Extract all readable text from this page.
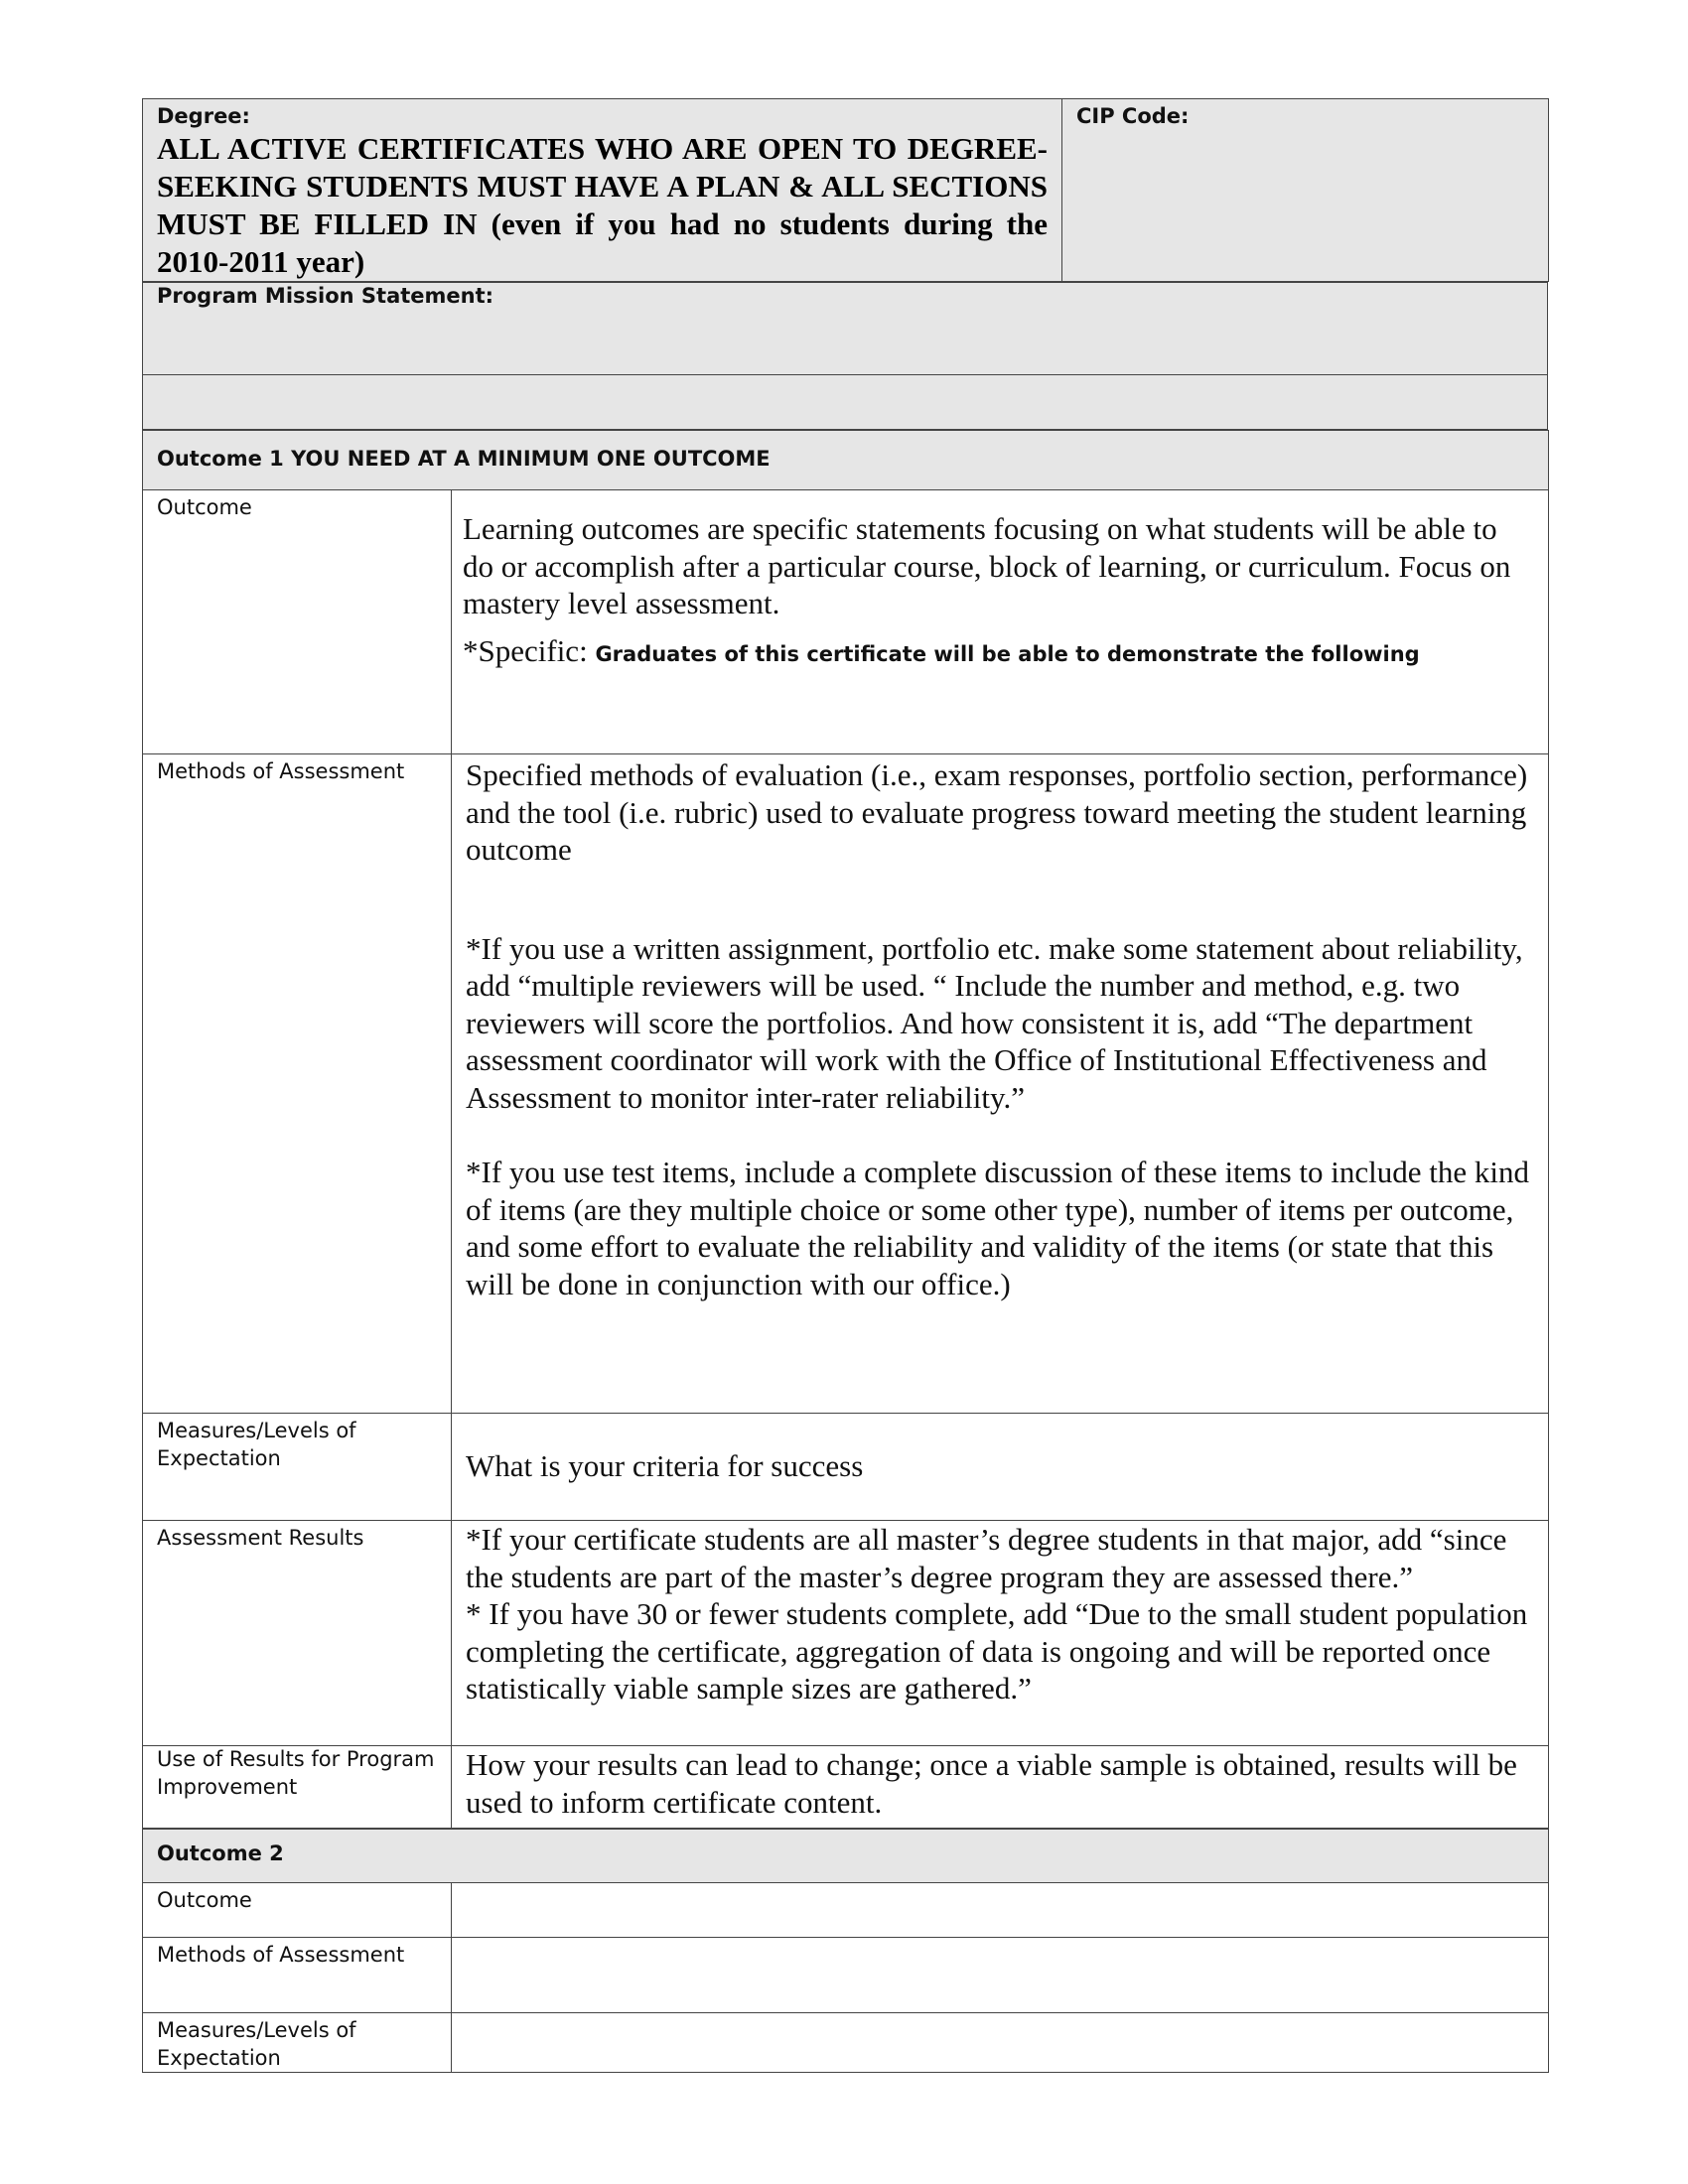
Degree:
ALL ACTIVE CERTIFICATES WHO ARE OPEN TO DEGREE-SEEKING STUDENTS MUST HAVE A PLAN & ALL SECTIONS MUST BE FILLED IN (even if you had no students during the 2010-2011 year)

CIP Code:
Program Mission Statement:

Outcome 1 YOU NEED AT A MINIMUM ONE OUTCOME	

Outcome	Learning outcomes are specific statements focusing on what students will be able to do or accomplish after a particular course, block of learning, or curriculum. Focus on mastery level assessment.

*Specific: Graduates of this certificate will be able to demonstrate the following

Methods of Assessment	Specified methods of evaluation (i.e., exam responses, portfolio section, performance) and the tool (i.e. rubric) used to evaluate progress toward meeting the student learning outcome

*If you use a written assignment, portfolio etc. make some statement about reliability, add “multiple reviewers will be used. “ Include the number and method, e.g. two reviewers will score the portfolios. And how consistent it is, add “The department assessment coordinator will work with the Office of Institutional Effectiveness and Assessment to monitor inter-rater reliability.”

*If you use test items, include a complete discussion of these items to include the kind of items (are they multiple choice or some other type), number of items per outcome, and some effort to evaluate the reliability and validity of the items (or state that this will be done in conjunction with our office.)

Measures/Levels of Expectation	What is your criteria for success

Assessment Results	*If your certificate students are all master’s degree students in that major, add “since the students are part of the master’s degree program they are assessed there.”

* If you have 30 or fewer students complete, add “Due to the small student population completing the certificate, aggregation of data is ongoing and will be reported once statistically viable sample sizes are gathered.”

Use of Results for Program Improvement	How your results can lead to change; once a viable sample is obtained, results will be used to inform certificate content.
Outcome 2	

Outcome	

Methods of Assessment	

Measures/Levels of Expectation	
